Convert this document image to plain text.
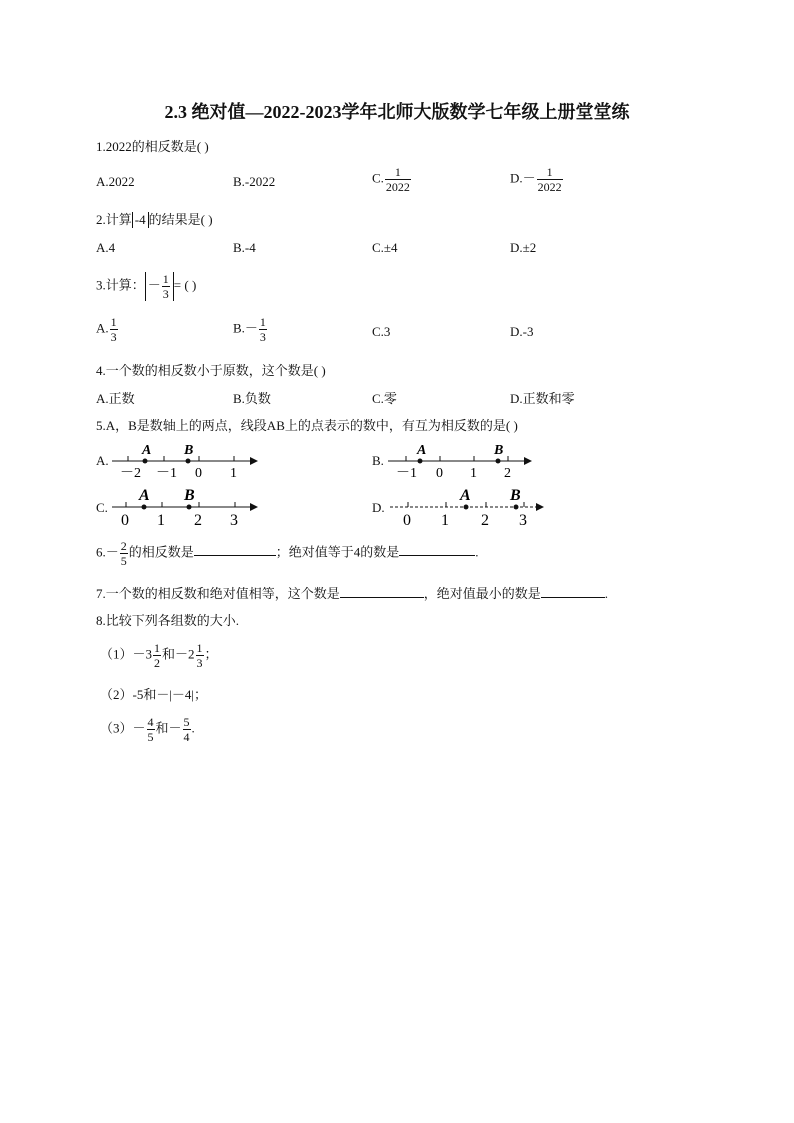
2.3 绝对值—2022-2023学年北师大版数学七年级上册堂堂练
1.2022的相反数是( )
A.2022	B.-2022	C. $\frac{1}{2022}$	$D.- \frac{1}{2022}$
2.计算 -4 的结果是( )
A.4	B.-4	C.±4	D.±2
3.计算： － $\frac{1}{3}$ = ( )
A. $\frac{1}{3}$	$B.- \frac{1}{3}$	C.3	D.-3
4.一个数的相反数小于原数，这个数是( )
A.正数	B.负数	C.零	D.正数和零
5.A，B是数轴上的两点，线段AB上的点表示的数中，有互为相反数的是( )
A.
A B
－2 －1 0 1
B.
A	B
－1 0 1 2
C.
A B
0 1 2 3
D.
A B
0 1 2 3
$6.- \frac{2}{5}$ 的相反数是	；绝对值等于4的数是	.
7.一个数的相反数和绝对值相等，这个数是	，绝对值最小的数是	.
8.比较下列各组数的大小.
$(1)-3 \frac{1}{2}$ 和$-2 \frac{1}{3}$ ；
（2）-5和－|－4|；
$(3)- \frac{4}{5}$ 和－ $\frac{5}{4}$ .
